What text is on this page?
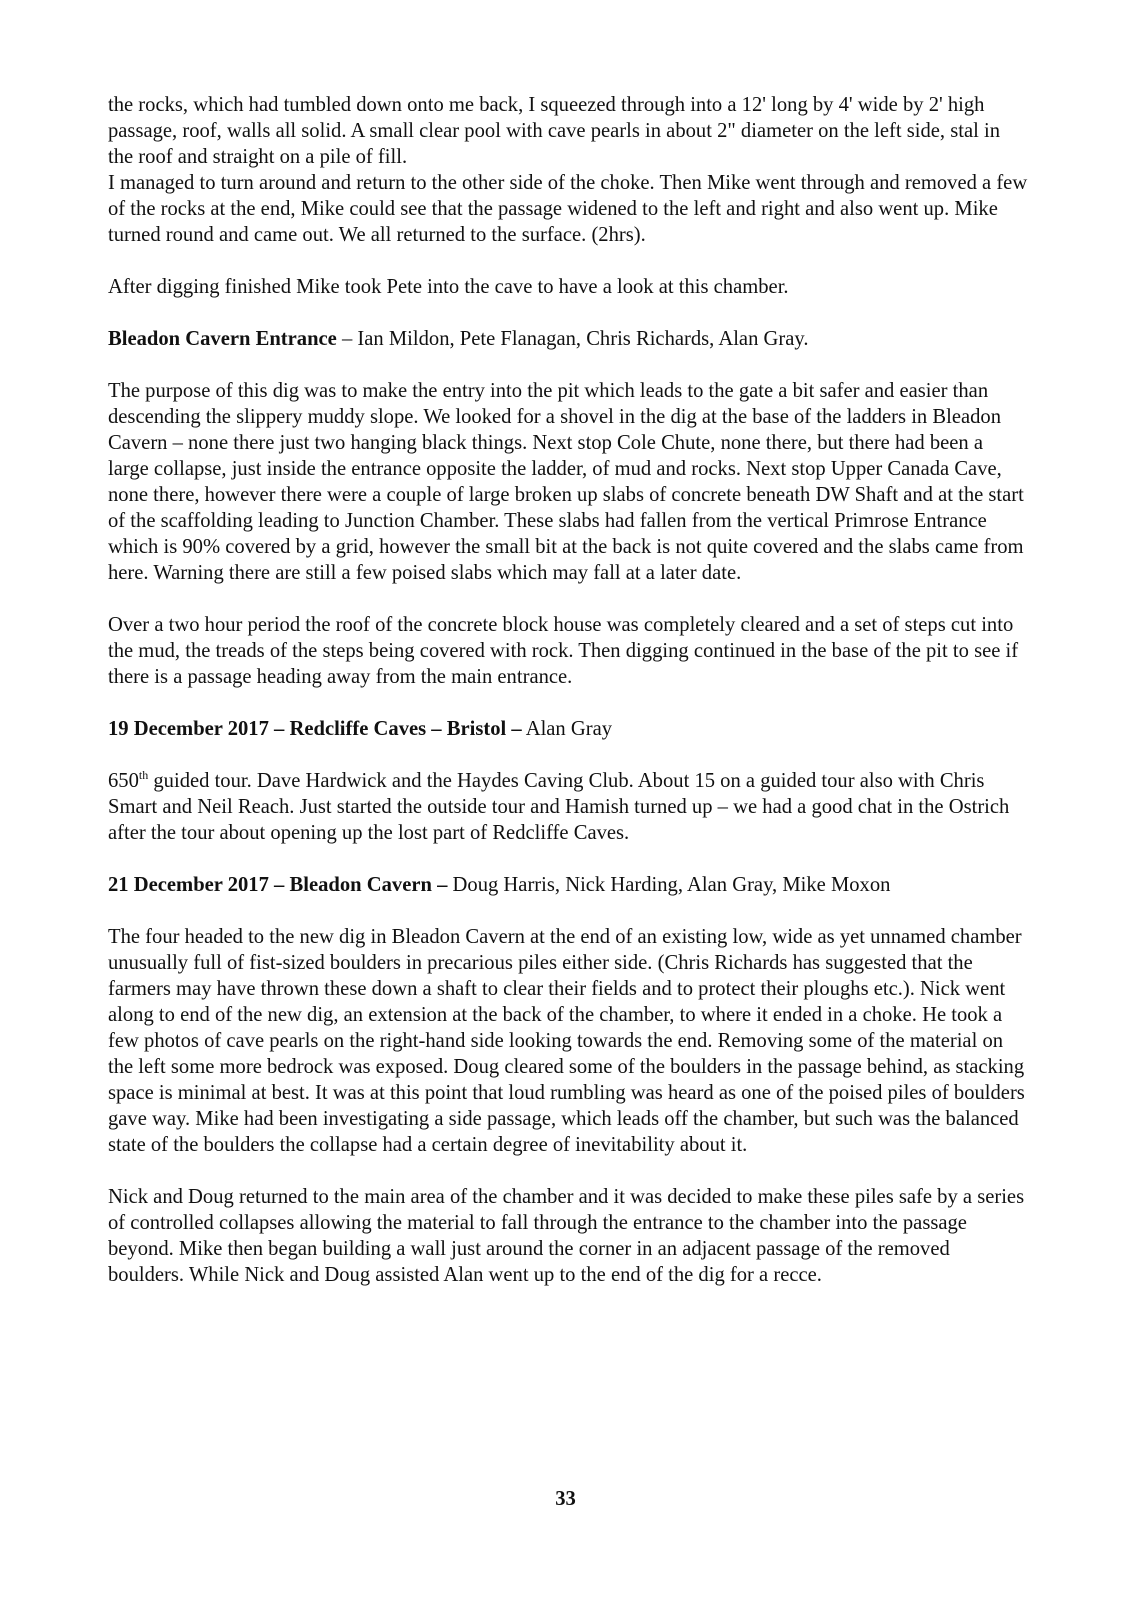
the rocks, which had tumbled down onto me back, I squeezed through into a 12' long by 4' wide by 2' high passage, roof, walls all solid. A small clear pool with cave pearls in about 2" diameter on the left side, stal in the roof and straight on a pile of fill.

I managed to turn around and return to the other side of the choke. Then Mike went through and removed a few of the rocks at the end, Mike could see that the passage widened to the left and right and also went up. Mike turned round and came out. We all returned to the surface. (2hrs).

After digging finished Mike took Pete into the cave to have a look at this chamber.

Bleadon Cavern Entrance – Ian Mildon, Pete Flanagan, Chris Richards, Alan Gray.

The purpose of this dig was to make the entry into the pit which leads to the gate a bit safer and easier than descending the slippery muddy slope. We looked for a shovel in the dig at the base of the ladders in Bleadon Cavern – none there just two hanging black things. Next stop Cole Chute, none there, but there had been a large collapse, just inside the entrance opposite the ladder, of mud and rocks. Next stop Upper Canada Cave, none there, however there were a couple of large broken up slabs of concrete beneath DW Shaft and at the start of the scaffolding leading to Junction Chamber. These slabs had fallen from the vertical Primrose Entrance which is 90% covered by a grid, however the small bit at the back is not quite covered and the slabs came from here. Warning there are still a few poised slabs which may fall at a later date.

Over a two hour period the roof of the concrete block house was completely cleared and a set of steps cut into the mud, the treads of the steps being covered with rock. Then digging continued in the base of the pit to see if there is a passage heading away from the main entrance.

19 December 2017 – Redcliffe Caves – Bristol – Alan Gray

650th guided tour. Dave Hardwick and the Haydes Caving Club. About 15 on a guided tour also with Chris Smart and Neil Reach. Just started the outside tour and Hamish turned up – we had a good chat in the Ostrich after the tour about opening up the lost part of Redcliffe Caves.

21 December 2017 – Bleadon Cavern – Doug Harris, Nick Harding, Alan Gray, Mike Moxon

The four headed to the new dig in Bleadon Cavern at the end of an existing low, wide as yet unnamed chamber unusually full of fist-sized boulders in precarious piles either side. (Chris Richards has suggested that the farmers may have thrown these down a shaft to clear their fields and to protect their ploughs etc.). Nick went along to end of the new dig, an extension at the back of the chamber, to where it ended in a choke. He took a few photos of cave pearls on the right-hand side looking towards the end. Removing some of the material on the left some more bedrock was exposed. Doug cleared some of the boulders in the passage behind, as stacking space is minimal at best. It was at this point that loud rumbling was heard as one of the poised piles of boulders gave way. Mike had been investigating a side passage, which leads off the chamber, but such was the balanced state of the boulders the collapse had a certain degree of inevitability about it.

Nick and Doug returned to the main area of the chamber and it was decided to make these piles safe by a series of controlled collapses allowing the material to fall through the entrance to the chamber into the passage beyond. Mike then began building a wall just around the corner in an adjacent passage of the removed boulders. While Nick and Doug assisted Alan went up to the end of the dig for a recce.

33
